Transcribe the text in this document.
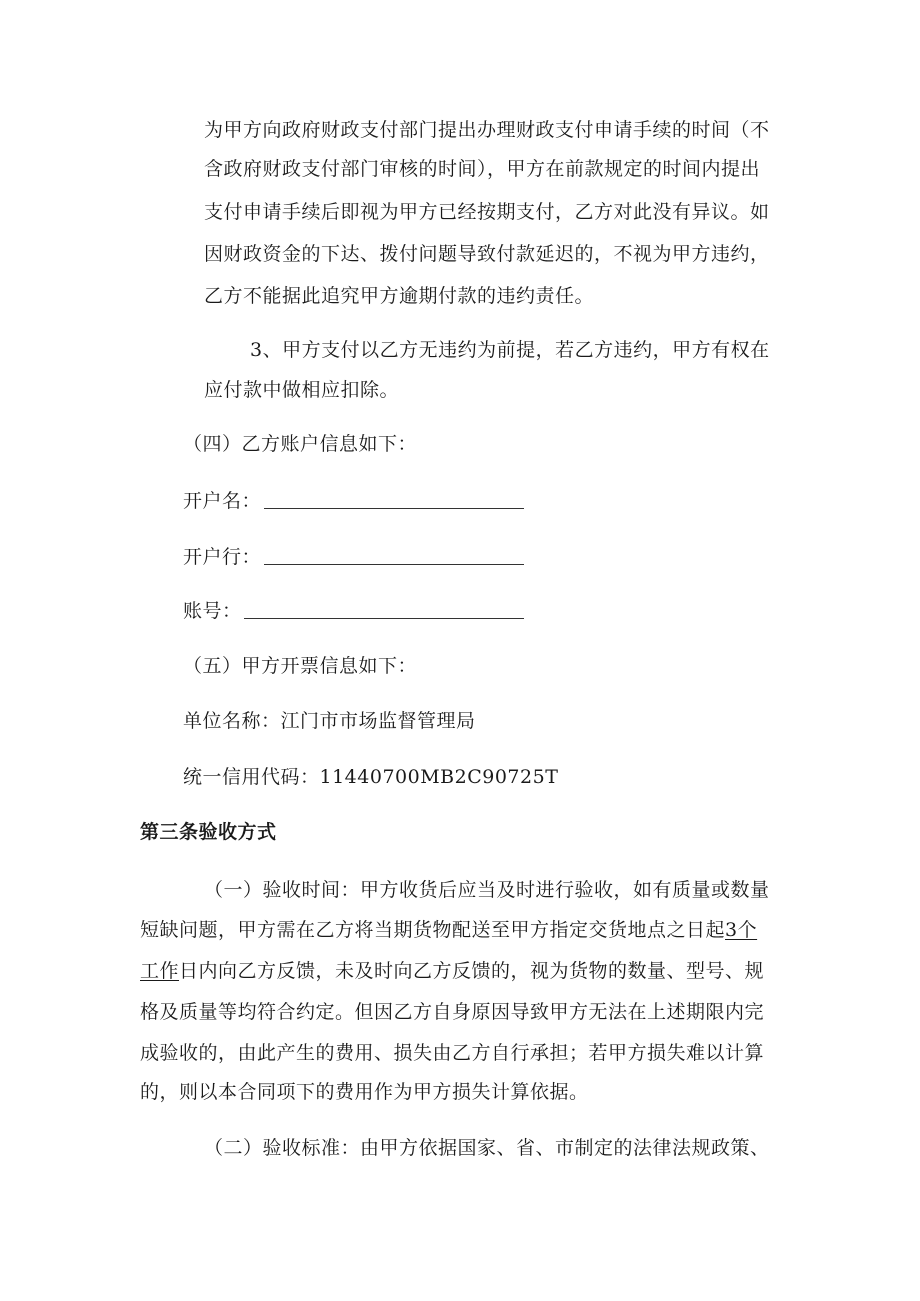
为甲方向政府财政支付部门提出办理财政支付申请手续的时间（不
含政府财政支付部门审核的时间），甲方在前款规定的时间内提出
支付申请手续后即视为甲方已经按期支付，乙方对此没有异议。如
因财政资金的下达、拨付问题导致付款延迟的，不视为甲方违约，
乙方不能据此追究甲方逾期付款的违约责任。
3、甲方支付以乙方无违约为前提，若乙方违约，甲方有权在
应付款中做相应扣除。
（四）乙方账户信息如下：
开户名：
开户行：
账号：
（五）甲方开票信息如下：
单位名称：江门市市场监督管理局
统一信用代码：11440700MB2C90725T
第三条验收方式
（一）验收时间：甲方收货后应当及时进行验收，如有质量或数量
短缺问题，甲方需在乙方将当期货物配送至甲方指定交货地点之日起3个
工作日内向乙方反馈，未及时向乙方反馈的，视为货物的数量、型号、规
格及质量等均符合约定。但因乙方自身原因导致甲方无法在上述期限内完
成验收的，由此产生的费用、损失由乙方自行承担；若甲方损失难以计算
的，则以本合同项下的费用作为甲方损失计算依据。
（二）验收标准：由甲方依据国家、省、市制定的法律法规政策、
